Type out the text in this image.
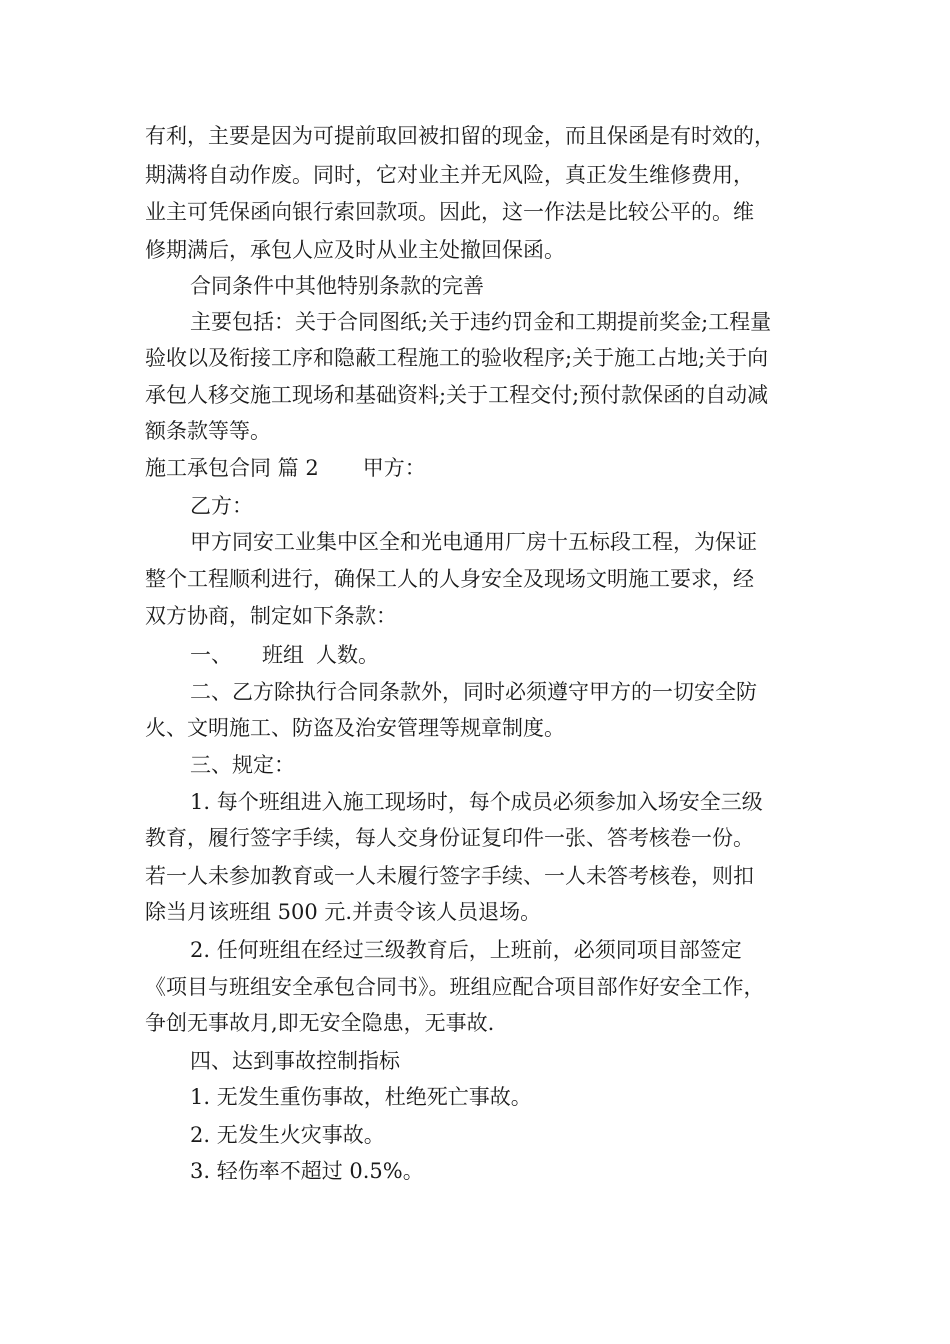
有利，主要是因为可提前取回被扣留的现金，而且保函是有时效的，
期满将自动作废。同时，它对业主并无风险，真正发生维修费用，
业主可凭保函向银行索回款项。因此，这一作法是比较公平的。维
修期满后，承包人应及时从业主处撤回保函。
合同条件中其他特别条款的完善
主要包括：关于合同图纸;关于违约罚金和工期提前奖金;工程量
验收以及衔接工序和隐蔽工程施工的验收程序;关于施工占地;关于向
承包人移交施工现场和基础资料;关于工程交付;预付款保函的自动减
额条款等等。
施工承包合同 篇 2 甲方：
乙方：
甲方同安工业集中区全和光电通用厂房十五标段工程，为保证
整个工程顺利进行，确保工人的人身安全及现场文明施工要求，经
双方协商，制定如下条款：
一、 班组 人数。
二、乙方除执行合同条款外，同时必须遵守甲方的一切安全防
火、文明施工、防盗及治安管理等规章制度。
三、规定：
1. 每个班组进入施工现场时，每个成员必须参加入场安全三级
教育，履行签字手续，每人交身份证复印件一张、答考核卷一份。
若一人未参加教育或一人未履行签字手续、一人未答考核卷，则扣
除当月该班组 500 元.并责令该人员退场。
2. 任何班组在经过三级教育后，上班前，必须同项目部签定
《项目与班组安全承包合同书》。班组应配合项目部作好安全工作，
争创无事故月,即无安全隐患，无事故.
四、达到事故控制指标
1. 无发生重伤事故，杜绝死亡事故。
2. 无发生火灾事故。
3. 轻伤率不超过 0.5%。
